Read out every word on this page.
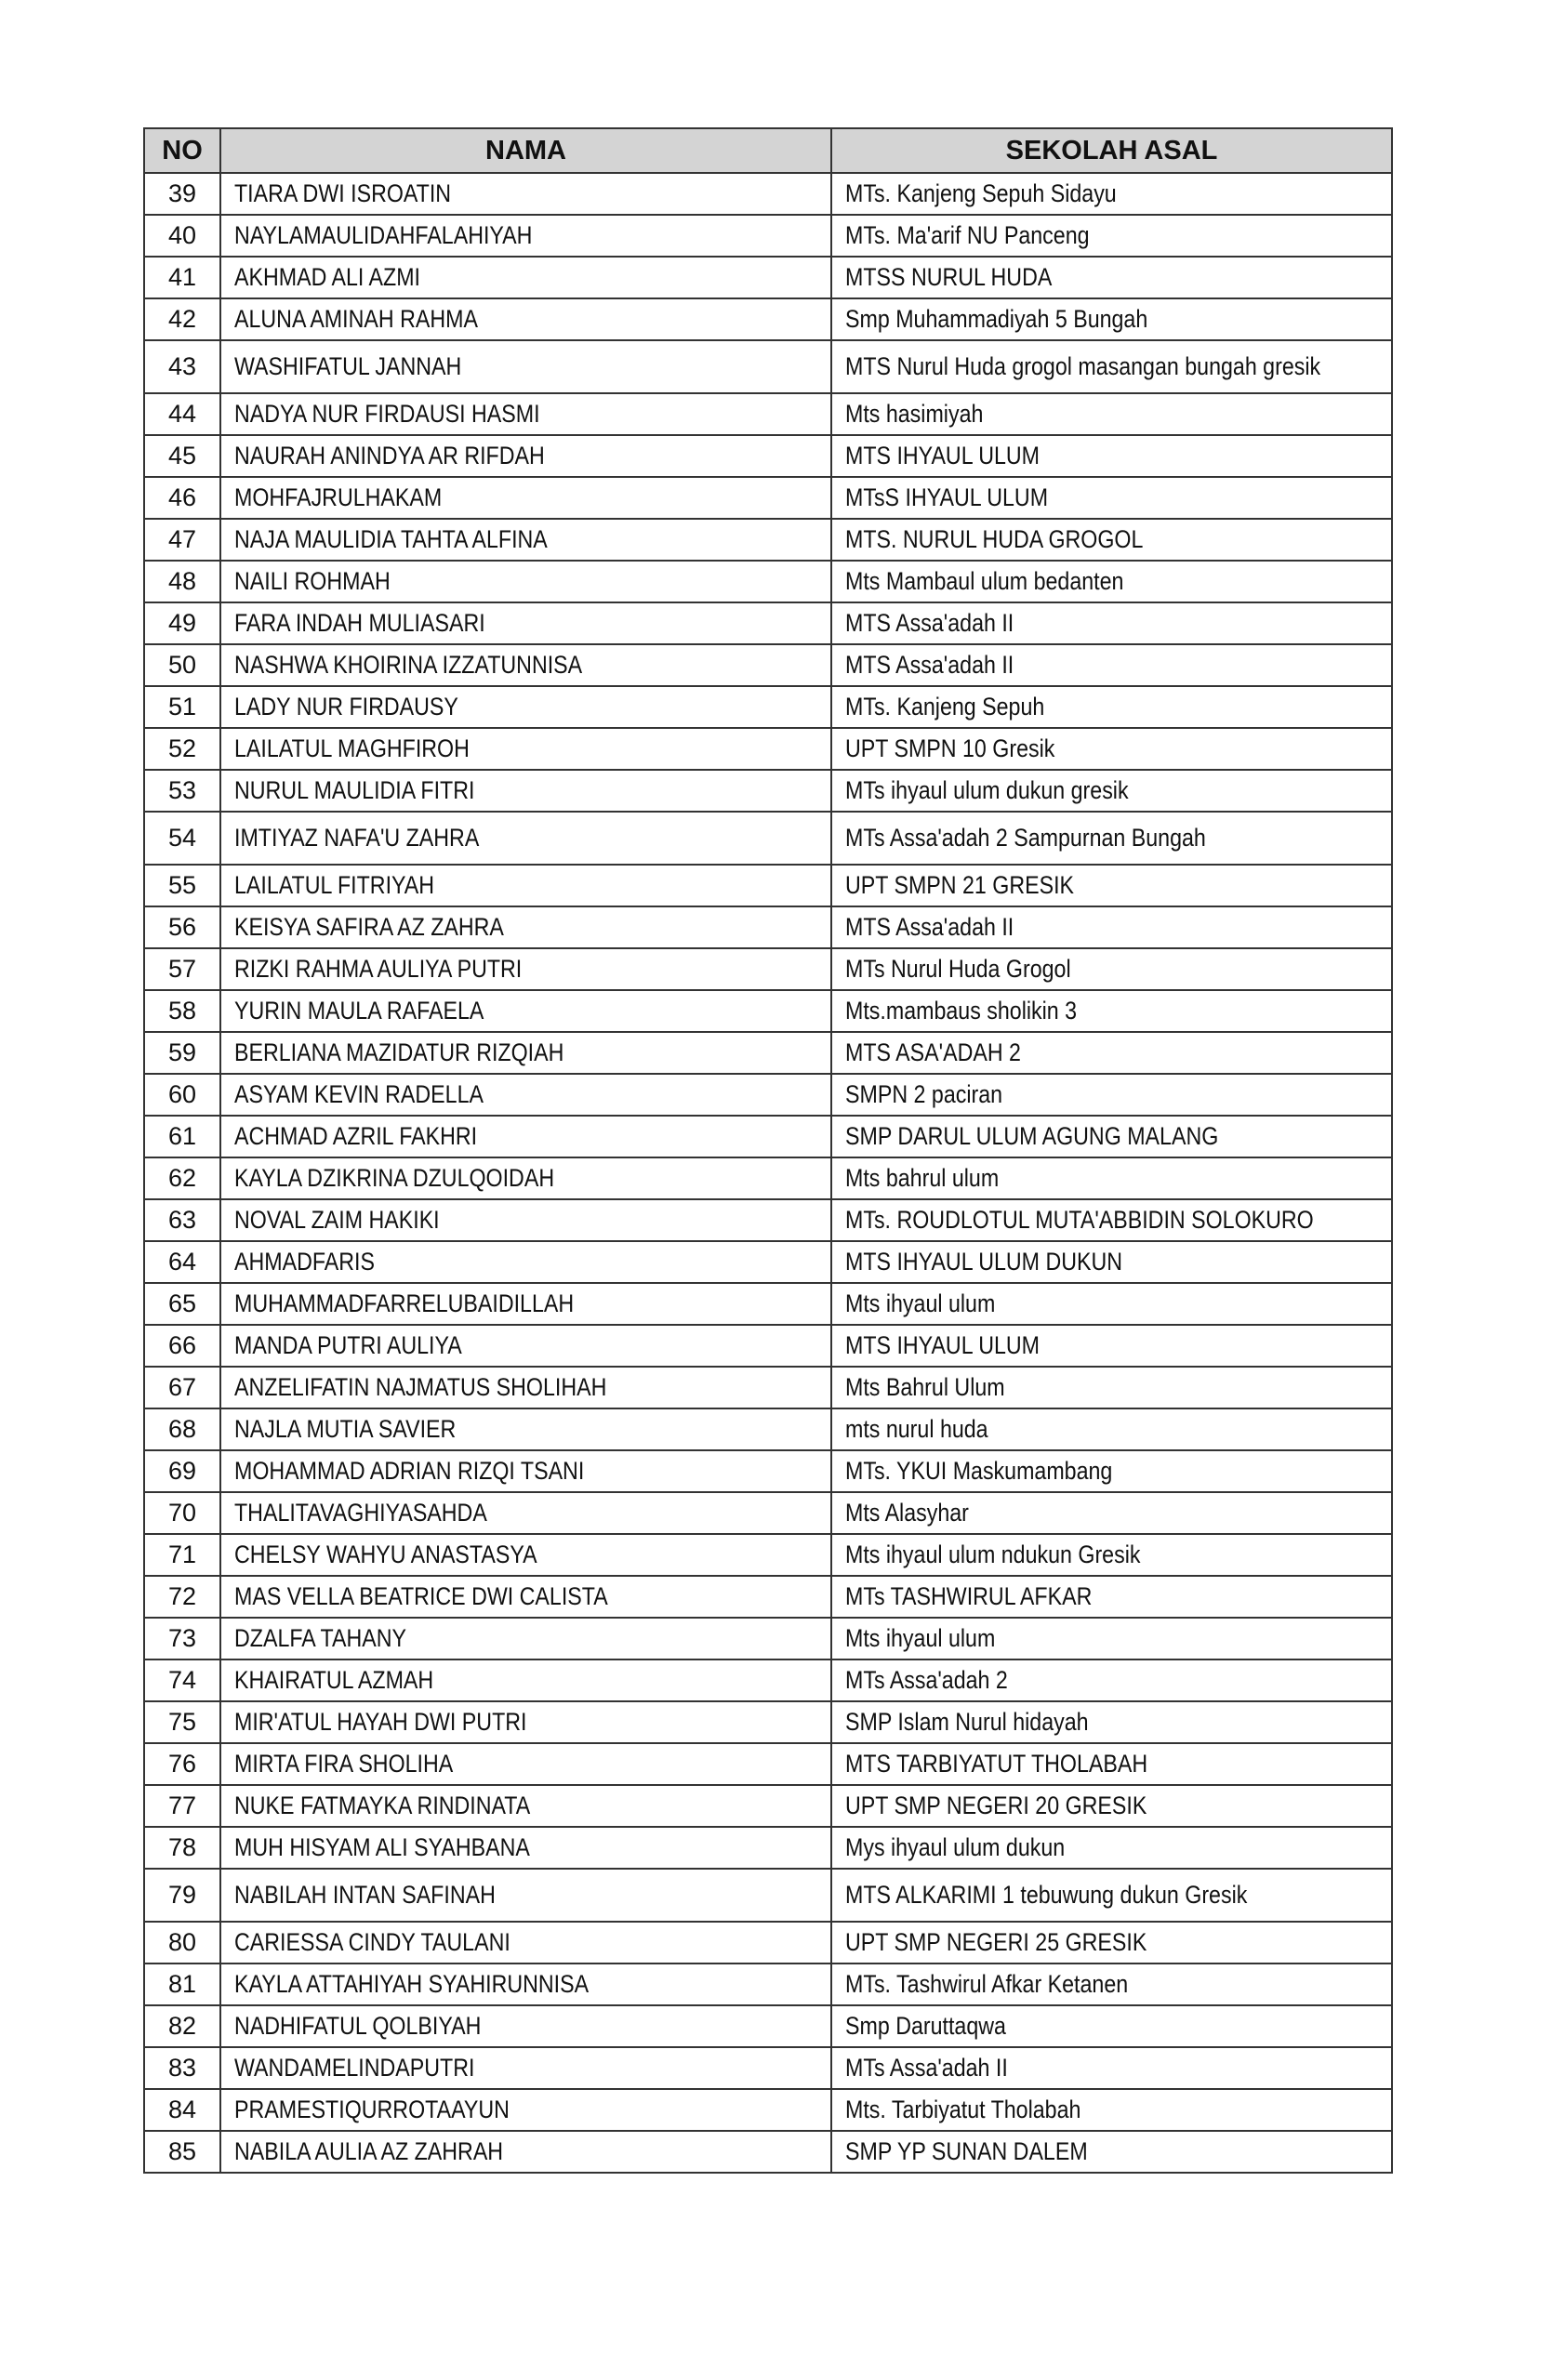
NO	NAMA	SEKOLAH ASAL
39	TIARA DWI ISROATIN	MTs. Kanjeng Sepuh Sidayu
40	NAYLAMAULIDAHFALAHIYAH	MTs. Ma'arif NU Panceng
41	AKHMAD ALI AZMI	MTSS NURUL HUDA
42	ALUNA AMINAH RAHMA	Smp Muhammadiyah 5 Bungah
43	WASHIFATUL JANNAH	MTS Nurul Huda grogol masangan bungah gresik
44	NADYA NUR FIRDAUSI HASMI	Mts hasimiyah
45	NAURAH ANINDYA AR RIFDAH	MTS IHYAUL ULUM
46	MOHFAJRULHAKAM	MTsS IHYAUL ULUM
47	NAJA MAULIDIA TAHTA ALFINA	MTS. NURUL HUDA GROGOL
48	NAILI ROHMAH	Mts Mambaul ulum bedanten
49	FARA INDAH MULIASARI	MTS Assa'adah II
50	NASHWA KHOIRINA IZZATUNNISA	MTS Assa'adah II
51	LADY NUR FIRDAUSY	MTs. Kanjeng Sepuh
52	LAILATUL MAGHFIROH	UPT SMPN 10 Gresik
53	NURUL MAULIDIA FITRI	MTs ihyaul ulum dukun gresik
54	IMTIYAZ NAFA'U ZAHRA	MTs Assa'adah 2 Sampurnan Bungah
55	LAILATUL FITRIYAH	UPT SMPN 21 GRESIK
56	KEISYA SAFIRA AZ ZAHRA	MTS Assa'adah II
57	RIZKI RAHMA AULIYA PUTRI	MTs Nurul Huda Grogol
58	YURIN MAULA RAFAELA	Mts.mambaus sholikin 3
59	BERLIANA MAZIDATUR RIZQIAH	MTS ASA'ADAH 2
60	ASYAM KEVIN RADELLA	SMPN 2 paciran
61	ACHMAD AZRIL FAKHRI	SMP DARUL ULUM AGUNG MALANG
62	KAYLA DZIKRINA DZULQOIDAH	Mts bahrul ulum
63	NOVAL ZAIM HAKIKI	MTs. ROUDLOTUL MUTA'ABBIDIN SOLOKURO
64	AHMADFARIS	MTS IHYAUL ULUM DUKUN
65	MUHAMMADFARRELUBAIDILLAH	Mts ihyaul ulum
66	MANDA PUTRI AULIYA	MTS IHYAUL ULUM
67	ANZELIFATIN NAJMATUS SHOLIHAH	Mts Bahrul Ulum
68	NAJLA MUTIA SAVIER	mts nurul huda
69	MOHAMMAD ADRIAN RIZQI TSANI	MTs. YKUI Maskumambang
70	THALITAVAGHIYASAHDA	Mts Alasyhar
71	CHELSY WAHYU ANASTASYA	Mts ihyaul ulum ndukun Gresik
72	MAS VELLA BEATRICE DWI CALISTA	MTs TASHWIRUL AFKAR
73	DZALFA TAHANY	Mts ihyaul ulum
74	KHAIRATUL AZMAH	MTs Assa'adah 2
75	MIR'ATUL HAYAH DWI PUTRI	SMP Islam Nurul hidayah
76	MIRTA FIRA SHOLIHA	MTS TARBIYATUT THOLABAH
77	NUKE FATMAYKA RINDINATA	UPT SMP NEGERI 20 GRESIK
78	MUH HISYAM ALI SYAHBANA	Mys ihyaul ulum dukun
79	NABILAH INTAN SAFINAH	MTS ALKARIMI 1 tebuwung dukun Gresik
80	CARIESSA CINDY TAULANI	UPT SMP NEGERI 25 GRESIK
81	KAYLA ATTAHIYAH SYAHIRUNNISA	MTs. Tashwirul Afkar Ketanen
82	NADHIFATUL QOLBIYAH	Smp Daruttaqwa
83	WANDAMELINDAPUTRI	MTs Assa'adah II
84	PRAMESTIQURROTAAYUN	Mts. Tarbiyatut Tholabah
85	NABILA AULIA AZ ZAHRAH	SMP YP SUNAN DALEM
